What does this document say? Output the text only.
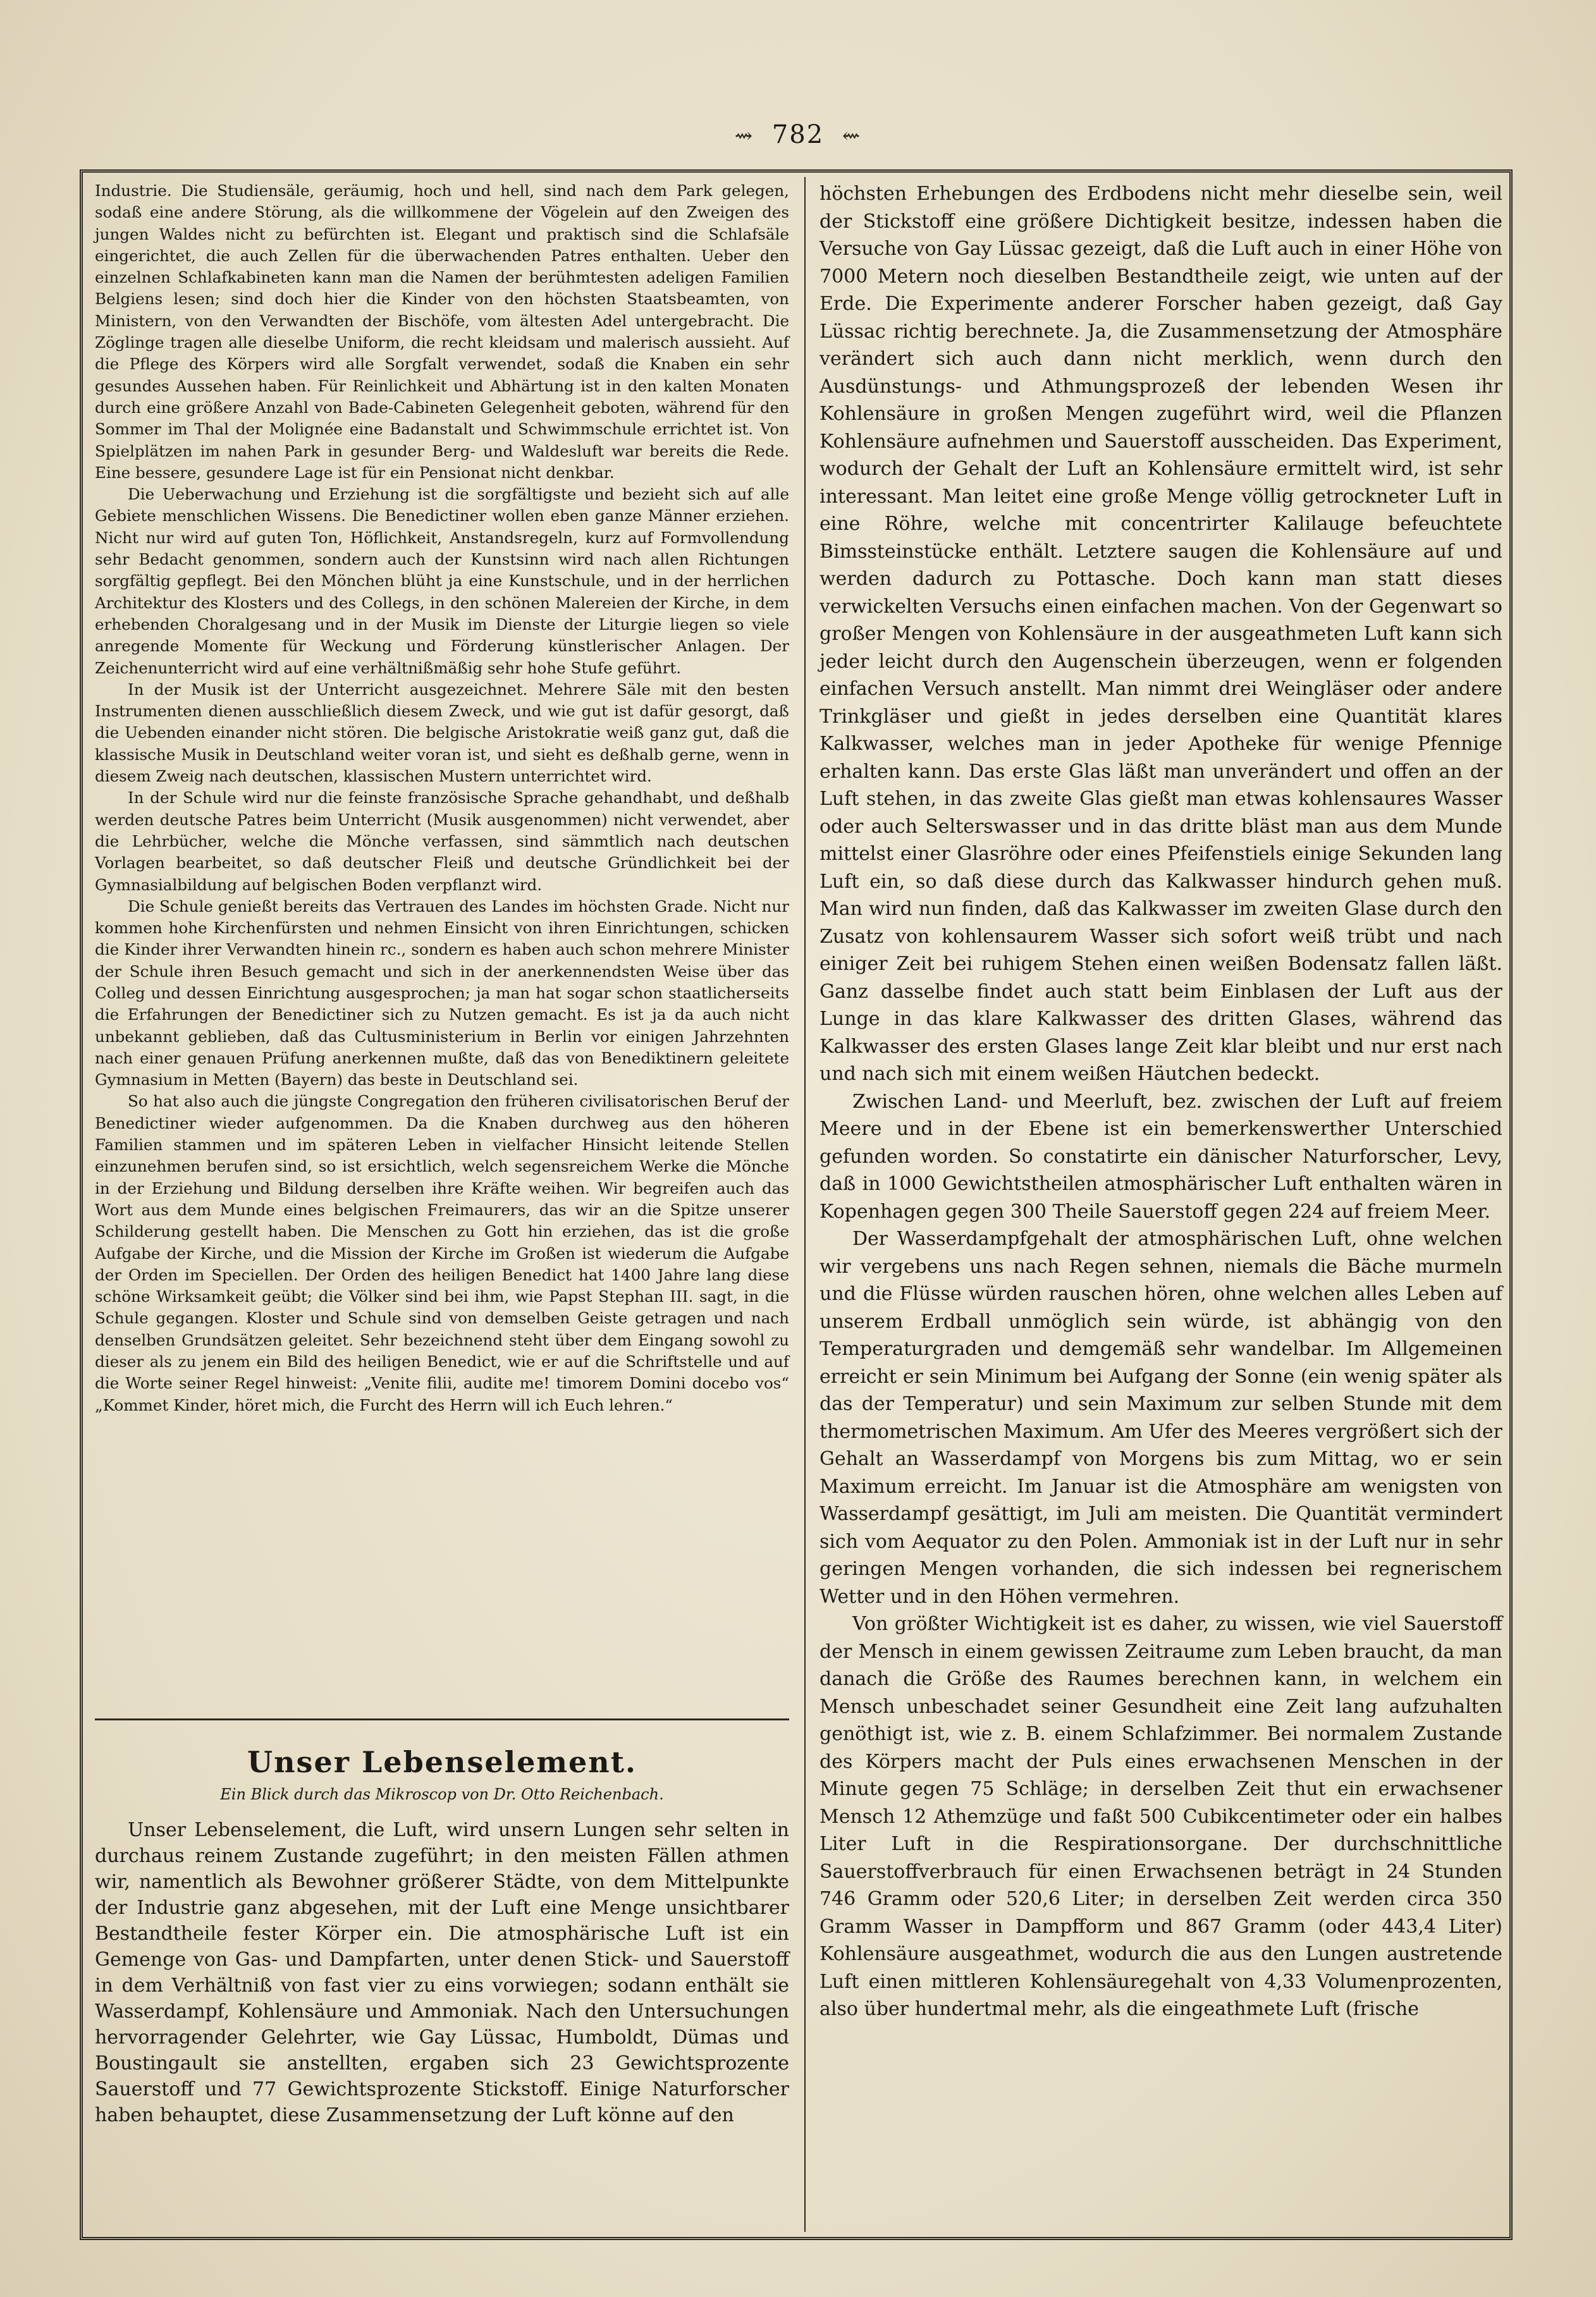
⇝ 782 ⇜

Industrie. Die Studiensäle, geräumig, hoch und hell, sind nach dem Park gelegen, sodaß eine andere Störung, als die willkommene der Vögelein auf den Zweigen des jungen Waldes nicht zu befürchten ist. Elegant und praktisch sind die Schlafsäle eingerichtet, die auch Zellen für die überwachenden Patres enthalten. Ueber den einzelnen Schlafkabineten kann man die Namen der berühmtesten adeligen Familien Belgiens lesen; sind doch hier die Kinder von den höchsten Staatsbeamten, von Ministern, von den Verwandten der Bischöfe, vom ältesten Adel untergebracht. Die Zöglinge tragen alle dieselbe Uniform, die recht kleidsam und malerisch aussieht. Auf die Pflege des Körpers wird alle Sorgfalt verwendet, sodaß die Knaben ein sehr gesundes Aussehen haben. Für Reinlichkeit und Abhärtung ist in den kalten Monaten durch eine größere Anzahl von Bade-Cabineten Gelegenheit geboten, während für den Sommer im Thal der Molignée eine Badanstalt und Schwimmschule errichtet ist. Von Spielplätzen im nahen Park in gesunder Berg- und Waldesluft war bereits die Rede. Eine bessere, gesundere Lage ist für ein Pensionat nicht denkbar.

Die Ueberwachung und Erziehung ist die sorgfältigste und bezieht sich auf alle Gebiete menschlichen Wissens. Die Benedictiner wollen eben ganze Männer erziehen. Nicht nur wird auf guten Ton, Höflichkeit, Anstandsregeln, kurz auf Formvollendung sehr Bedacht genommen, sondern auch der Kunstsinn wird nach allen Richtungen sorgfältig gepflegt. Bei den Mönchen blüht ja eine Kunstschule, und in der herrlichen Architektur des Klosters und des Collegs, in den schönen Malereien der Kirche, in dem erhebenden Choralgesang und in der Musik im Dienste der Liturgie liegen so viele anregende Momente für Weckung und Förderung künstlerischer Anlagen. Der Zeichenunterricht wird auf eine verhältnißmäßig sehr hohe Stufe geführt.

In der Musik ist der Unterricht ausgezeichnet. Mehrere Säle mit den besten Instrumenten dienen ausschließlich diesem Zweck, und wie gut ist dafür gesorgt, daß die Uebenden einander nicht stören. Die belgische Aristokratie weiß ganz gut, daß die klassische Musik in Deutschland weiter voran ist, und sieht es deßhalb gerne, wenn in diesem Zweig nach deutschen, klassischen Mustern unterrichtet wird.

In der Schule wird nur die feinste französische Sprache gehandhabt, und deßhalb werden deutsche Patres beim Unterricht (Musik ausgenommen) nicht verwendet, aber die Lehrbücher, welche die Mönche verfassen, sind sämmtlich nach deutschen Vorlagen bearbeitet, so daß deutscher Fleiß und deutsche Gründlichkeit bei der Gymnasialbildung auf belgischen Boden verpflanzt wird.

Die Schule genießt bereits das Vertrauen des Landes im höchsten Grade. Nicht nur kommen hohe Kirchenfürsten und nehmen Einsicht von ihren Einrichtungen, schicken die Kinder ihrer Verwandten hinein rc., sondern es haben auch schon mehrere Minister der Schule ihren Besuch gemacht und sich in der anerkennendsten Weise über das Colleg und dessen Einrichtung ausgesprochen; ja man hat sogar schon staatlicherseits die Erfahrungen der Benedictiner sich zu Nutzen gemacht. Es ist ja da auch nicht unbekannt geblieben, daß das Cultusministerium in Berlin vor einigen Jahrzehnten nach einer genauen Prüfung anerkennen mußte, daß das von Benediktinern geleitete Gymnasium in Metten (Bayern) das beste in Deutschland sei.

So hat also auch die jüngste Congregation den früheren civilisatorischen Beruf der Benedictiner wieder aufgenommen. Da die Knaben durchweg aus den höheren Familien stammen und im späteren Leben in vielfacher Hinsicht leitende Stellen einzunehmen berufen sind, so ist ersichtlich, welch segensreichem Werke die Mönche in der Erziehung und Bildung derselben ihre Kräfte weihen. Wir begreifen auch das Wort aus dem Munde eines belgischen Freimaurers, das wir an die Spitze unserer Schilderung gestellt haben. Die Menschen zu Gott hin erziehen, das ist die große Aufgabe der Kirche, und die Mission der Kirche im Großen ist wiederum die Aufgabe der Orden im Speciellen. Der Orden des heiligen Benedict hat 1400 Jahre lang diese schöne Wirksamkeit geübt; die Völker sind bei ihm, wie Papst Stephan III. sagt, in die Schule gegangen. Kloster und Schule sind von demselben Geiste getragen und nach denselben Grundsätzen geleitet. Sehr bezeichnend steht über dem Eingang sowohl zu dieser als zu jenem ein Bild des heiligen Benedict, wie er auf die Schriftstelle und auf die Worte seiner Regel hinweist: „Venite filii, audite me! timorem Domini docebo vos“ „Kommet Kinder, höret mich, die Furcht des Herrn will ich Euch lehren.“

Unser Lebenselement.
Ein Blick durch das Mikroscop von Dr. Otto Reichenbach.

Unser Lebenselement, die Luft, wird unsern Lungen sehr selten in durchaus reinem Zustande zugeführt; in den meisten Fällen athmen wir, namentlich als Bewohner größerer Städte, von dem Mittelpunkte der Industrie ganz abgesehen, mit der Luft eine Menge unsichtbarer Bestandtheile fester Körper ein. Die atmosphärische Luft ist ein Gemenge von Gas- und Dampfarten, unter denen Stick- und Sauerstoff in dem Verhältniß von fast vier zu eins vorwiegen; sodann enthält sie Wasserdampf, Kohlensäure und Ammoniak. Nach den Untersuchungen hervorragender Gelehrter, wie Gay Lüssac, Humboldt, Dümas und Boustingault sie anstellten, ergaben sich 23 Gewichtsprozente Sauerstoff und 77 Gewichtsprozente Stickstoff. Einige Naturforscher haben behauptet, diese Zusammensetzung der Luft könne auf den

höchsten Erhebungen des Erdbodens nicht mehr dieselbe sein, weil der Stickstoff eine größere Dichtigkeit besitze, indessen haben die Versuche von Gay Lüssac gezeigt, daß die Luft auch in einer Höhe von 7000 Metern noch dieselben Bestandtheile zeigt, wie unten auf der Erde. Die Experimente anderer Forscher haben gezeigt, daß Gay Lüssac richtig berechnete. Ja, die Zusammensetzung der Atmosphäre verändert sich auch dann nicht merklich, wenn durch den Ausdünstungs- und Athmungsprozeß der lebenden Wesen ihr Kohlensäure in großen Mengen zugeführt wird, weil die Pflanzen Kohlensäure aufnehmen und Sauerstoff ausscheiden. Das Experiment, wodurch der Gehalt der Luft an Kohlensäure ermittelt wird, ist sehr interessant. Man leitet eine große Menge völlig getrockneter Luft in eine Röhre, welche mit concentrirter Kalilauge befeuchtete Bimssteinstücke enthält. Letztere saugen die Kohlensäure auf und werden dadurch zu Pottasche. Doch kann man statt dieses verwickelten Versuchs einen einfachen machen. Von der Gegenwart so großer Mengen von Kohlensäure in der ausgeathmeten Luft kann sich jeder leicht durch den Augenschein überzeugen, wenn er folgenden einfachen Versuch anstellt. Man nimmt drei Weingläser oder andere Trinkgläser und gießt in jedes derselben eine Quantität klares Kalkwasser, welches man in jeder Apotheke für wenige Pfennige erhalten kann. Das erste Glas läßt man unverändert und offen an der Luft stehen, in das zweite Glas gießt man etwas kohlensaures Wasser oder auch Selterswasser und in das dritte bläst man aus dem Munde mittelst einer Glasröhre oder eines Pfeifenstiels einige Sekunden lang Luft ein, so daß diese durch das Kalkwasser hindurch gehen muß. Man wird nun finden, daß das Kalkwasser im zweiten Glase durch den Zusatz von kohlensaurem Wasser sich sofort weiß trübt und nach einiger Zeit bei ruhigem Stehen einen weißen Bodensatz fallen läßt. Ganz dasselbe findet auch statt beim Einblasen der Luft aus der Lunge in das klare Kalkwasser des dritten Glases, während das Kalkwasser des ersten Glases lange Zeit klar bleibt und nur erst nach und nach sich mit einem weißen Häutchen bedeckt.

Zwischen Land- und Meerluft, bez. zwischen der Luft auf freiem Meere und in der Ebene ist ein bemerkenswerther Unterschied gefunden worden. So constatirte ein dänischer Naturforscher, Levy, daß in 1000 Gewichtstheilen atmosphärischer Luft enthalten wären in Kopenhagen gegen 300 Theile Sauerstoff gegen 224 auf freiem Meer.

Der Wasserdampfgehalt der atmosphärischen Luft, ohne welchen wir vergebens uns nach Regen sehnen, niemals die Bäche murmeln und die Flüsse würden rauschen hören, ohne welchen alles Leben auf unserem Erdball unmöglich sein würde, ist abhängig von den Temperaturgraden und demgemäß sehr wandelbar. Im Allgemeinen erreicht er sein Minimum bei Aufgang der Sonne (ein wenig später als das der Temperatur) und sein Maximum zur selben Stunde mit dem thermometrischen Maximum. Am Ufer des Meeres vergrößert sich der Gehalt an Wasserdampf von Morgens bis zum Mittag, wo er sein Maximum erreicht. Im Januar ist die Atmosphäre am wenigsten von Wasserdampf gesättigt, im Juli am meisten. Die Quantität vermindert sich vom Aequator zu den Polen. Ammoniak ist in der Luft nur in sehr geringen Mengen vorhanden, die sich indessen bei regnerischem Wetter und in den Höhen vermehren.

Von größter Wichtigkeit ist es daher, zu wissen, wie viel Sauerstoff der Mensch in einem gewissen Zeitraume zum Leben braucht, da man danach die Größe des Raumes berechnen kann, in welchem ein Mensch unbeschadet seiner Gesundheit eine Zeit lang aufzuhalten genöthigt ist, wie z. B. einem Schlafzimmer. Bei normalem Zustande des Körpers macht der Puls eines erwachsenen Menschen in der Minute gegen 75 Schläge; in derselben Zeit thut ein erwachsener Mensch 12 Athemzüge und faßt 500 Cubikcentimeter oder ein halbes Liter Luft in die Respirationsorgane. Der durchschnittliche Sauerstoffverbrauch für einen Erwachsenen beträgt in 24 Stunden 746 Gramm oder 520,6 Liter; in derselben Zeit werden circa 350 Gramm Wasser in Dampfform und 867 Gramm (oder 443,4 Liter) Kohlensäure ausgeathmet, wodurch die aus den Lungen austretende Luft einen mittleren Kohlensäuregehalt von 4,33 Volumenprozenten, also über hundertmal mehr, als die eingeathmete Luft (frische
